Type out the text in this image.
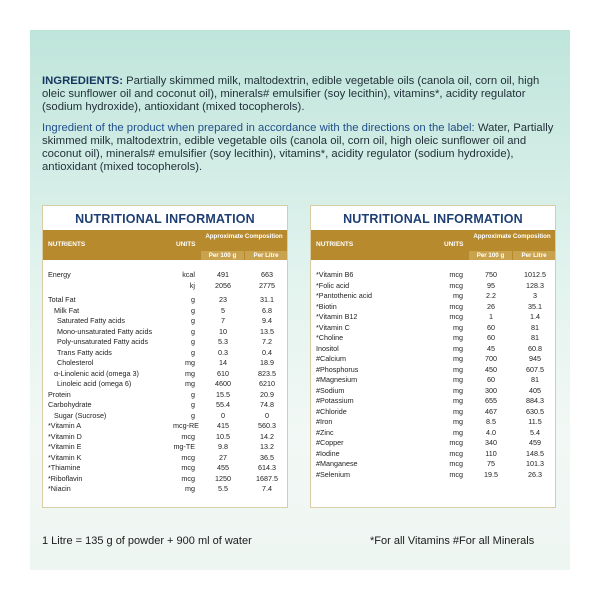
INGREDIENTS: Partially skimmed milk, maltodextrin, edible vegetable oils (canola oil, corn oil, high oleic sunflower oil and coconut oil), minerals# emulsifier (soy lecithin), vitamins*, acidity regulator (sodium hydroxide), antioxidant (mixed tocopherols).

Ingredient of the product when prepared in accordance with the directions on the label: Water, Partially skimmed milk, maltodextrin, edible vegetable oils (canola oil, corn oil, high oleic sunflower oil and coconut oil), minerals# emulsifier (soy lecithin), vitamins*, acidity regulator (sodium hydroxide), antioxidant (mixed tocopherols).

NUTRITIONAL INFORMATION
NUTRIENTS	UNITS
Approximate Composition
Per 100 g	Per Litre
Energy	kcal	491	663
kj	2056	2775
Total Fat	g	23	31.1
Milk Fat	g	5	6.8
Saturated Fatty acids	g	7	9.4
Mono-unsaturated Fatty acids	g	10	13.5
Poly-unsaturated Fatty acids	g	5.3	7.2
Trans Fatty acids	g	0.3	0.4
Cholesterol	mg	14	18.9
α-Linolenic acid (omega 3)	mg	610	823.5
Linoleic acid (omega 6)	mg	4600	6210
Protein	g	15.5	20.9
Carbohydrate	g	55.4	74.8
Sugar (Sucrose)	g	0	0
*Vitamin A	mcg-RE	415	560.3
*Vitamin D	mcg	10.5	14.2
*Vitamin E	mg-TE	9.8	13.2
*Vitamin K	mcg	27	36.5
*Thiamine	mcg	455	614.3
*Riboflavin	mcg	1250	1687.5
*Niacin	mg	5.5	7.4
NUTRITIONAL INFORMATION
NUTRIENTS	UNITS
Approximate Composition
Per 100 g	Per Litre
*Vitamin B6	mcg	750	1012.5
*Folic acid	mcg	95	128.3
*Pantothenic acid	mg	2.2	3
*Biotin	mcg	26	35.1
*Vitamin B12	mcg	1	1.4
*Vitamin C	mg	60	81
*Choline	mg	60	81
Inositol	mg	45	60.8
#Calcium	mg	700	945
#Phosphorus	mg	450	607.5
#Magnesium	mg	60	81
#Sodium	mg	300	405
#Potassium	mg	655	884.3
#Chloride	mg	467	630.5
#Iron	mg	8.5	11.5
#Zinc	mg	4.0	5.4
#Copper	mcg	340	459
#Iodine	mcg	110	148.5
#Manganese	mcg	75	101.3
#Selenium	mcg	19.5	26.3
1 Litre = 135 g of powder + 900 ml of water	*For all Vitamins #For all Minerals
